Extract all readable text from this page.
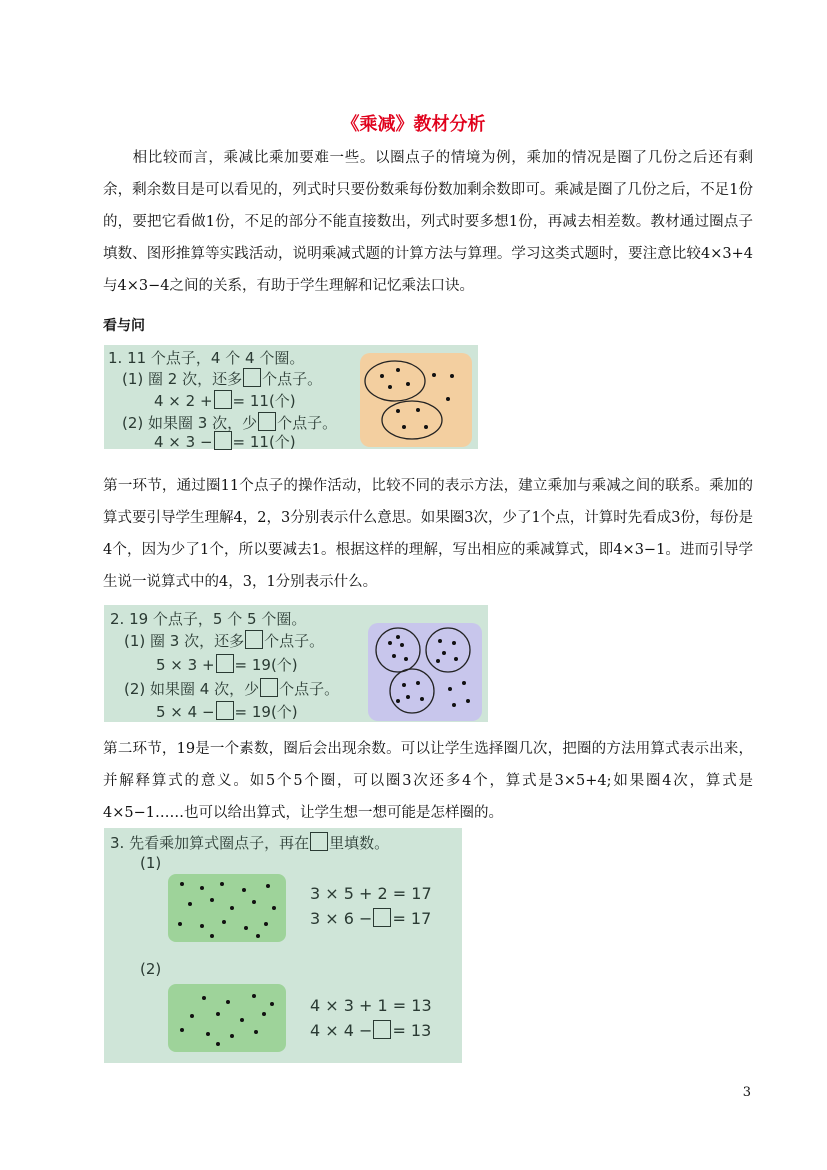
《乘减》教材分析
相比较而言，乘减比乘加要难一些。以圈点子的情境为例，乘加的情况是圈了几份之后还有剩余，剩余数目是可以看见的，列式时只要份数乘每份数加剩余数即可。乘减是圈了几份之后，不足1份的，要把它看做1份，不足的部分不能直接数出，列式时要多想1份，再减去相差数。教材通过圈点子填数、图形推算等实践活动，说明乘减式题的计算方法与算理。学习这类式题时，要注意比较4×3+4与4×3−4之间的关系，有助于学生理解和记忆乘法口诀。
看与问
1. 11 个点子，4 个 4 个圈。
(1) 圈 2 次，还多 个点子。
4 × 2 + = 11(个)
(2) 如果圈 3 次，少 个点子。
4 × 3 − = 11(个)
第一环节，通过圈11个点子的操作活动，比较不同的表示方法，建立乘加与乘减之间的联系。乘加的算式要引导学生理解4，2，3分别表示什么意思。如果圈3次，少了1个点，计算时先看成3份，每份是4个，因为少了1个，所以要减去1。根据这样的理解，写出相应的乘减算式，即4×3−1。进而引导学生说一说算式中的4，3，1分别表示什么。
2. 19 个点子，5 个 5 个圈。
(1) 圈 3 次，还多 个点子。
5 × 3 + = 19(个)
(2) 如果圈 4 次，少 个点子。
5 × 4 − = 19(个)
第二环节，19是一个素数，圈后会出现余数。可以让学生选择圈几次，把圈的方法用算式表示出来，并解释算式的意义。如5个5个圈，可以圈3次还多4个，算式是3×5+4;如果圈4次，算式是4×5−1……也可以给出算式，让学生想一想可能是怎样圈的。
3. 先看乘加算式圈点子，再在 里填数。
(1)
3 × 5 + 2 = 17
3 × 6 − = 17
(2)
4 × 3 + 1 = 13
4 × 4 − = 13
3
